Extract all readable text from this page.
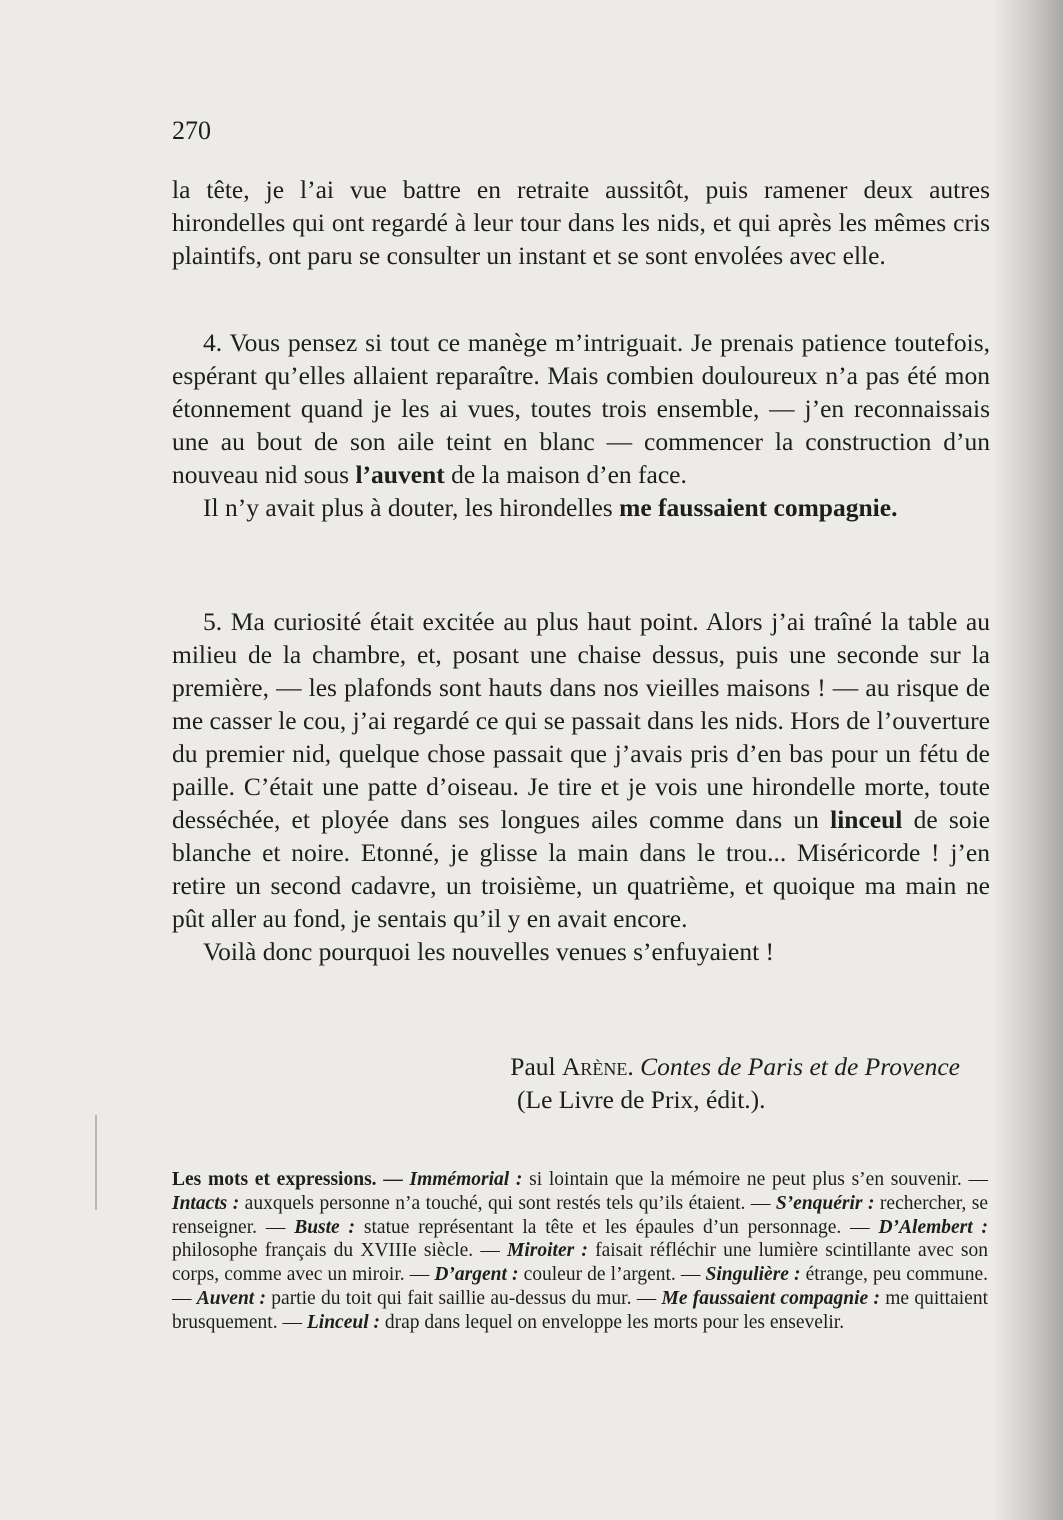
270

la tête, je l’ai vue battre en retraite aussitôt, puis ramener deux autres hirondelles qui ont regardé à leur tour dans les nids, et qui après les mêmes cris plaintifs, ont paru se consulter un instant et se sont envolées avec elle.

4. Vous pensez si tout ce manège m’intriguait. Je prenais patience toutefois, espérant qu’elles allaient reparaître. Mais combien douloureux n’a pas été mon étonnement quand je les ai vues, toutes trois ensemble, — j’en reconnaissais une au bout de son aile teint en blanc — commencer la construction d’un nouveau nid sous l’auvent de la maison d’en face.

Il n’y avait plus à douter, les hirondelles me faussaient compagnie.

5. Ma curiosité était excitée au plus haut point. Alors j’ai traîné la table au milieu de la chambre, et, posant une chaise dessus, puis une seconde sur la première, — les plafonds sont hauts dans nos vieilles maisons ! — au risque de me casser le cou, j’ai regardé ce qui se passait dans les nids. Hors de l’ouverture du premier nid, quelque chose passait que j’avais pris d’en bas pour un fétu de paille. C’était une patte d’oiseau. Je tire et je vois une hirondelle morte, toute desséchée, et ployée dans ses longues ailes comme dans un linceul de soie blanche et noire. Etonné, je glisse la main dans le trou... Miséricorde ! j’en retire un second cadavre, un troisième, un quatrième, et quoique ma main ne pût aller au fond, je sentais qu’il y en avait encore.

Voilà donc pourquoi les nouvelles venues s’enfuyaient !

Paul Arène. Contes de Paris et de Provence
(Le Livre de Prix, édit.).
Les mots et expressions. — Immémorial : si lointain que la mémoire ne peut plus s’en souvenir. — Intacts : auxquels personne n’a touché, qui sont restés tels qu’ils étaient. — S’enquérir : rechercher, se renseigner. — Buste : statue représentant la tête et les épaules d’un personnage. — D’Alembert : philosophe français du XVIIIe siècle. — Miroiter : faisait réfléchir une lumière scintillante avec son corps, comme avec un miroir. — D’argent : couleur de l’argent. — Singulière : étrange, peu commune. — Auvent : partie du toit qui fait saillie au-dessus du mur. — Me faussaient compagnie : me quittaient brusquement. — Linceul : drap dans lequel on enveloppe les morts pour les ensevelir.
